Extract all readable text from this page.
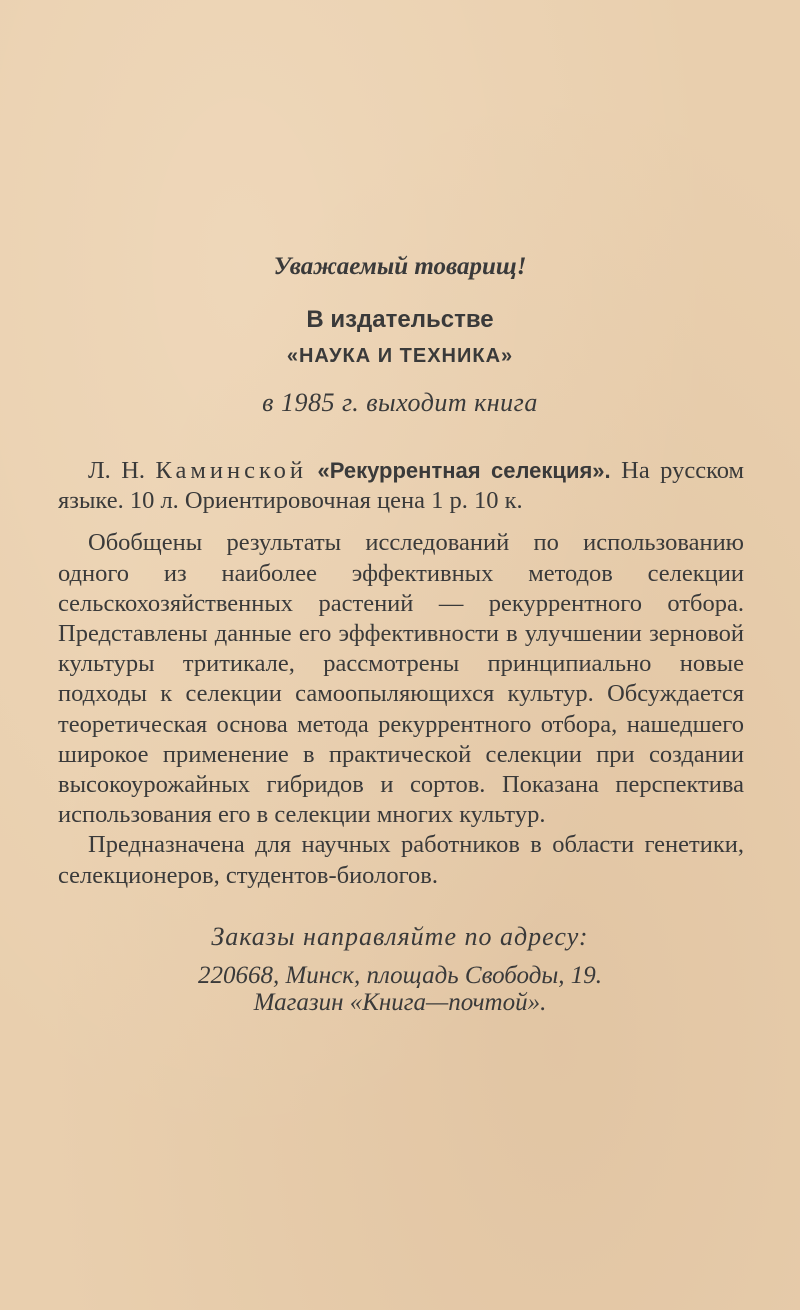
Уважаемый товарищ!
В издательстве
«НАУКА И ТЕХНИКА»
в 1985 г. выходит книга

Л. Н. Каминской «Рекуррентная селекция». На русском языке. 10 л. Ориентировочная цена 1 р. 10 к.

Обобщены результаты исследований по использованию одного из наиболее эффективных методов селекции сельскохозяйственных растений — рекуррентного отбора. Представлены данные его эффективности в улучшении зерновой культуры тритикале, рассмотрены принципиально новые подходы к селекции самоопыляющихся культур. Обсуждается теоретическая основа метода рекуррентного отбора, нашедшего широкое применение в практической селекции при создании высокоурожайных гибридов и сортов. Показана перспектива использования его в селекции многих культур.

Предназначена для научных работников в области генетики, селекционеров, студентов-биологов.

Заказы направляйте по адресу:
220668, Минск, площадь Свободы, 19.
Магазин «Книга—почтой».
